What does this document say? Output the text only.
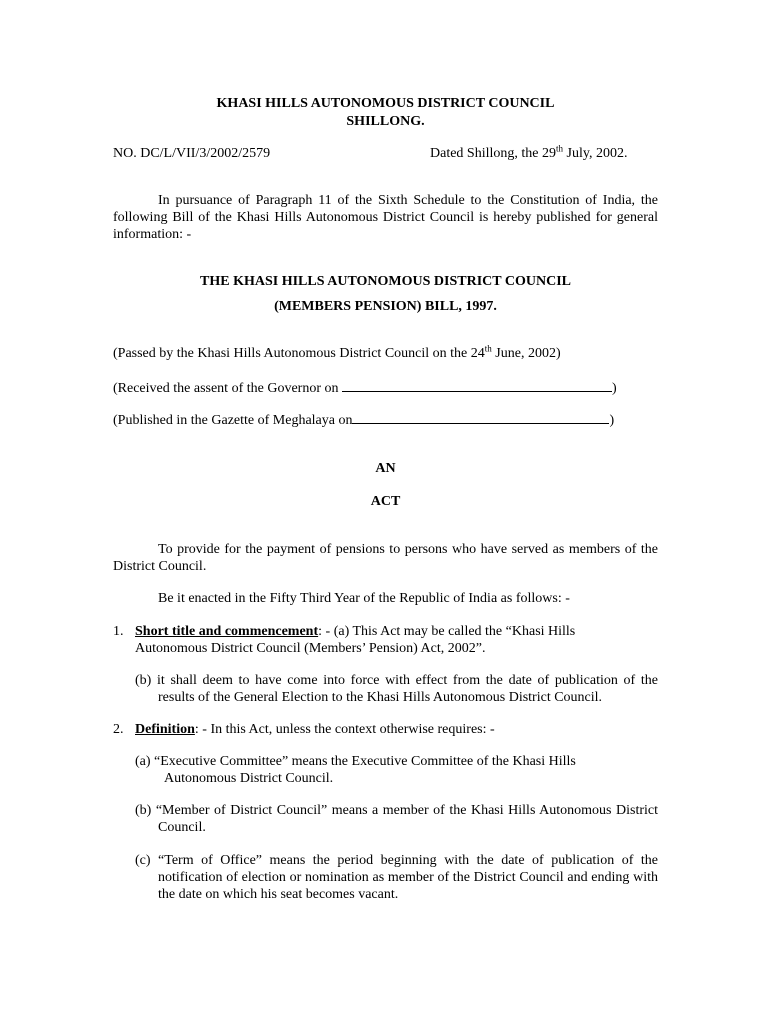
KHASI HILLS AUTONOMOUS DISTRICT COUNCIL

SHILLONG.

NO. DC/L/VII/3/2002/2579	Dated Shillong, the 29th July, 2002.

In pursuance of Paragraph 11 of the Sixth Schedule to the Constitution of India, the following Bill of the Khasi Hills Autonomous District Council is hereby published for general information: -

THE KHASI HILLS AUTONOMOUS DISTRICT COUNCIL

(MEMBERS PENSION) BILL, 1997.

(Passed by the Khasi Hills Autonomous District Council on the 24th June, 2002)

(Received the assent of the Governor on	)

(Published in the Gazette of Meghalaya on	)

AN

ACT

To provide for the payment of pensions to persons who have served as members of the District Council.

Be it enacted in the Fifty Third Year of the Republic of India as follows: -

1. Short title and commencement: - (a) This Act may be called the “Khasi Hills

Autonomous District Council (Members’ Pension) Act, 2002”.

(b) it shall deem to have come into force with effect from the date of publication of the results of the General Election to the Khasi Hills Autonomous District Council.

2. Definition: - In this Act, unless the context otherwise requires: -

(a) “Executive Committee” means the Executive Committee of the Khasi Hills

Autonomous District Council.

(b) “Member of District Council” means a member of the Khasi Hills Autonomous District Council.

(c) “Term of Office” means the period beginning with the date of publication of the notification of election or nomination as member of the District Council and ending with the date on which his seat becomes vacant.
